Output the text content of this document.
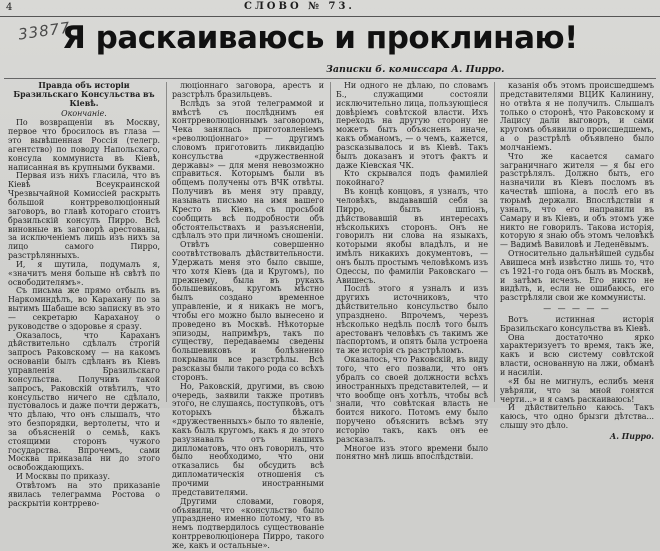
4	СЛОВО № 73.
33877
Я раскаиваюсь и проклинаю!
Записки б. комиссара А. Пирро.

Правда объ исторіи Бразильскаго Консульства въ Кіевѣ.

Окончаніе.

По возвращеніи въ Москву, первое что бросилось въ глаза — это вывѣшенная Россія (телегр. агентство) по поводу Напольскаго, консула коммуниста въ Кіевѣ, написанная въ крупными буквами.

Первая изъ нихъ гласила, что въ Кіевѣ Всеукраинской Чрезвычайной Комиссіей раскрыть большой контрреволюціонный заговоръ, во главѣ котораго стоитъ бразильскій консулъ Пирро. Всѣ виновные въ заговорѣ арестованы, за исключеніемъ лишь изъ нихъ за лицо самого Пирро, разстрѣлянныхъ.

И, я шутила, подумалъ я, «значитъ меня больше нѣ свѣтѣ по освободителямъ».

Съ письма же прямо отбыль въ Наркоминдѣлъ, во Карахану по за вытимъ Шабаше всю записку въ это — секретарю Караханоу о руководстве о здоровье я сразу.

Оказалось, что Караханъ дѣйствительно сдѣлалъ строгій запросъ Раковскому — на какомъ основаніи былъ сдѣланъ въ Кіевъ управленія Бразильскаго консульства. Получивъ такой запросъ, Раковскій отвѣтилъ, что консульство ничего не сдѣлало, пустовалось и даже почти держатъ, что дѣлаю, что онъ слышалъ, что это безпорядки, вертолеты, что и за объясненій о семьѣ, какъ стоящими сторонъ чужого государства. Впрочемъ, сами Москва приказала ни до этого освобождающихъ.

И Москвы по приказу.

Отвѣтомъ на это приказаніе явилась телеграмма Ростова о раскрытіи контррево-

люціоннаго заговора, арестъ и разстрѣлъ бразильцевъ.

Вслѣдъ за этой телеграммой и вмѣстѣ съ послѣднимъ ея контрреволюціоннымъ заговоромъ, Чека занялась приготовленіемъ «революціоннаго» — другимъ словомъ приготовить ликвидацію консульства «дружественной державы» — для меня невозможно справиться. Которымъ были въ общемъ получены отъ ВЧК отвѣты. Получивъ въ меня эту правду, называть письмо на имя вашего Кресто въ Кіевъ, съ просьбой сообщить всѣ подробности объ обстоятельствахъ и разъясненіи, сдѣлалъ это при личномъ сношеніи.

Отвѣтъ совершенно соотвѣтствовалъ дѣйствительности. Удержать меня это было свыше, что хотя Кіевъ (да и Кругомъ), по прежнему, была въ рукахъ большевиковъ, кругомъ мѣстно былъ создано временное управленіе, и я никакъ не могъ, чтобы его можно было вынесено и проведено въ Москвѣ. Нѣкоторые эпизоды, напримѣръ, такъ по существу, передаваемы сведены большевиковъ и болѣзненно покрывали все разстрѣлы. Всѣ разсказы были такого рода со всѣхъ сторонъ.

Но, Раковскій, другими, въ свою очередь, заявили также противъ этого, не слушаясь, поступковъ, отъ которыхъ бѣжалъ «дружественныхъ» было то явленіе, какъ былъ кругомъ, какъ я до этого разузнавалъ отъ нашихъ дипломатовъ, что онъ говорилъ, что было необходимо, что они отказались бы обсудить всѣ дипломатическія отношенія съ прочими иностранными представителями.

Другими словами, говоря, объявили, что «консульство было упразднено именно потому, что въ немъ подтвердилось существованіе контрреволюціонера Пирро, такого же, какъ и остальные».

Ни одного не дѣлаю, по словамъ Б., служащими состояли исключительно лица, пользующіеся довѣріемъ совѣтской власти. Ихъ переходъ на другую сторону не можетъ быть объясненъ иначе, какъ обманомъ, — о чемъ, кажется, разсказывалось и въ Кіевѣ. Такъ былъ доказанъ и этотъ фактъ и даже Кіевская ЧК.

Кто скрывался подъ фамиліей покойнаго?

Въ концѣ концовъ, я узналъ, что человѣкъ, выдававшій себя за Пирро, былъ шпіонъ, дѣйствовавшій въ интересахъ нѣсколькихъ сторонъ. Онъ не говорилъ ни слова на языкахъ, которыми якобы владѣлъ, и не имѣлъ никакихъ документовъ, — онъ былъ простымъ человѣкомъ изъ Одессы, по фамиліи Раковскаго — Авишесъ.

Послѣ этого я узналъ и изъ другихъ источниковъ, что дѣйствительно консульство было упразднено. Впрочемъ, черезъ нѣсколько недѣль послѣ того былъ арестованъ человѣкъ съ такимъ же паспортомъ, и опять была устроена та же исторія съ разстрѣломъ.

Оказалось, что Раковскій, въ виду того, что его позвали, что онъ убралъ со своей должности всѣхъ иностранныхъ представителей, — и что вообще онъ хотѣлъ, чтобы всѣ знали, что совѣтская власть не боится никого. Потомъ ему было поручено объяснить всѣмъ эту исторію такъ, какъ онъ ее разсказалъ.

Многое изъ этого времени было понятно мнѣ лишь впослѣдствіи.

казанія объ этомъ происшедшемъ представителями ВЦИК Калинину, но отвѣта я не получилъ. Слышалъ только о сторонѣ, что Раковскому и Лацису дали выговоръ, и сами кругомъ объявили о происшедшемъ, а о разстрѣлѣ объявлено было молчаніемъ.

Что же касается самаго заграничнаго жителя — я бы его разстрѣлялъ. Должно быть, его назначили въ Кіевъ посломъ въ качествѣ шпіона, а послѣ его въ тюрьмѣ держали. Впослѣдствіи я узналъ, что его направили въ Самару и въ Кіевъ, и объ этомъ уже никто не говорилъ. Такова исторія, которую я знаю объ этомъ человѣкѣ — Вадимѣ Вавиловѣ и Леденёвымъ.

Относительно дальнѣйшей судьбы Авишеса мнѣ извѣстно лишь то, что съ 1921-го года онъ былъ въ Москвѣ, и затѣмъ исчезъ. Его никто не видѣлъ, и, если не ошибаюсь, его разстрѣляли свои же коммунисты.

— — — — —

Вотъ истинная исторія Бразильскаго консульства въ Кіевѣ.

Она достаточно ярко характеризуетъ то время, такъ же, какъ и всю систему совѣтской власти, основанную на лжи, обманѣ и насиліи.

«Я бы не мигнулъ, еслибъ меня увѣряли, что за мной гонятся черти...» и я самъ раскаиваюсь!

И дѣйствительно каюсь. Такъ каюсь, что одно брызги дѣтства... слышу это дѣло.

А. Пирро.
